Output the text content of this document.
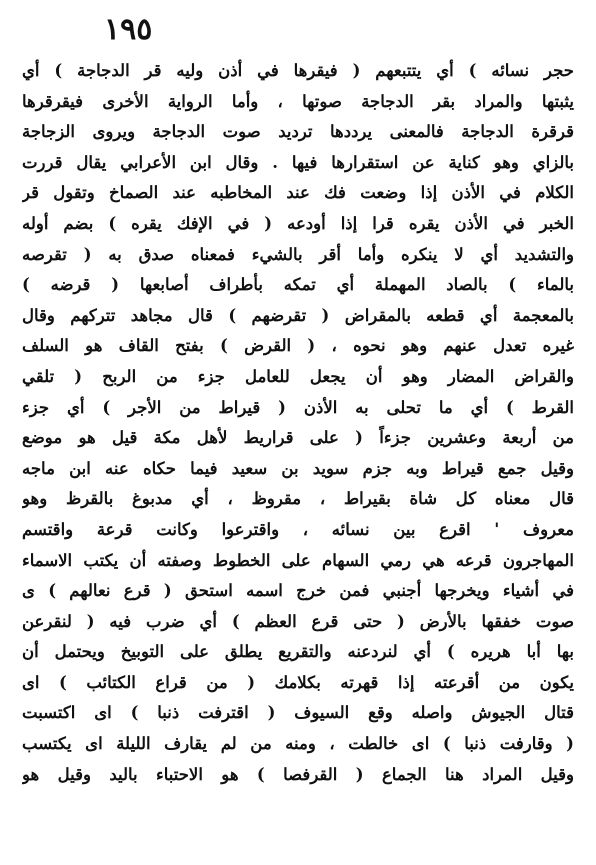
١٩٥
حجر نسائه ) أي يتتبعهم ( فيقرها في أذن وليه قر الدجاجة ) أي
يثبتها والمراد بقر الدجاجة صوتها ، وأما الرواية الأخرى فيقرقرها
قرقرة الدجاجة فالمعنى يرددها ترديد صوت الدجاجة ويروى الزجاجة
بالزاي وهو كناية عن استقرارها فيها . وقال ابن الأعرابي يقال قررت
الكلام في الأذن إذا وضعت فك عند المخاطبه عند الصماخ وتقول قر
الخبر في الأذن يقره قرا إذا أودعه ( في الإفك يقره ) بضم أوله
والتشديد أي لا ينكره وأما أقر بالشيء فمعناه صدق به ( تقرصه
بالماء ) بالصاد المهملة أي تمكه بأطراف أصابعها ( قرضه )
بالمعجمة أي قطعه بالمقراض ( تقرضهم ) قال مجاهد تتركهم وقال
غيره تعدل عنهم وهو نحوه ، ( القرض ) بفتح القاف هو السلف
والقراض المضار وهو أن يجعل للعامل جزء من الربح ( تلقي
القرط ) أي ما تحلى به الأذن ( قيراط من الأجر ) أي جزء
من أربعة وعشرين جزءاً ( على قراريط لأهل مكة قيل هو موضع
وقيل جمع قيراط وبه جزم سويد بن سعيد فيما حكاه عنه ابن ماجه
قال معناه كل شاة بقيراط ، مقروظ ، أي مدبوغ بالقرظ وهو
معروف ' اقرع بين نسائه ، واقترعوا وكانت قرعة واقتسم
المهاجرون قرعه هي رمي السهام على الخطوط وصفته أن يكتب الاسماء
في أشياء ويخرجها أجنبي فمن خرج اسمه استحق ( قرع نعالهم ) ى
صوت خفقها بالأرض ( حتى قرع العظم ) أي ضرب فيه ( لنقرعن
بها أبا هريره ) أي لنردعنه والتقريع يطلق على التوبيخ ويحتمل أن
يكون من أقرعته إذا قهرته بكلامك ( من قراع الكتائب ) اى
قتال الجيوش واصله وقع السيوف ( اقترفت ذنبا ) اى اكتسبت
( وقارفت ذنبا ) اى خالطت ، ومنه من لم يقارف الليلة اى يكتسب
وقيل المراد هنا الجماع ( القرفصا ) هو الاحتباء باليد وقيل هو
